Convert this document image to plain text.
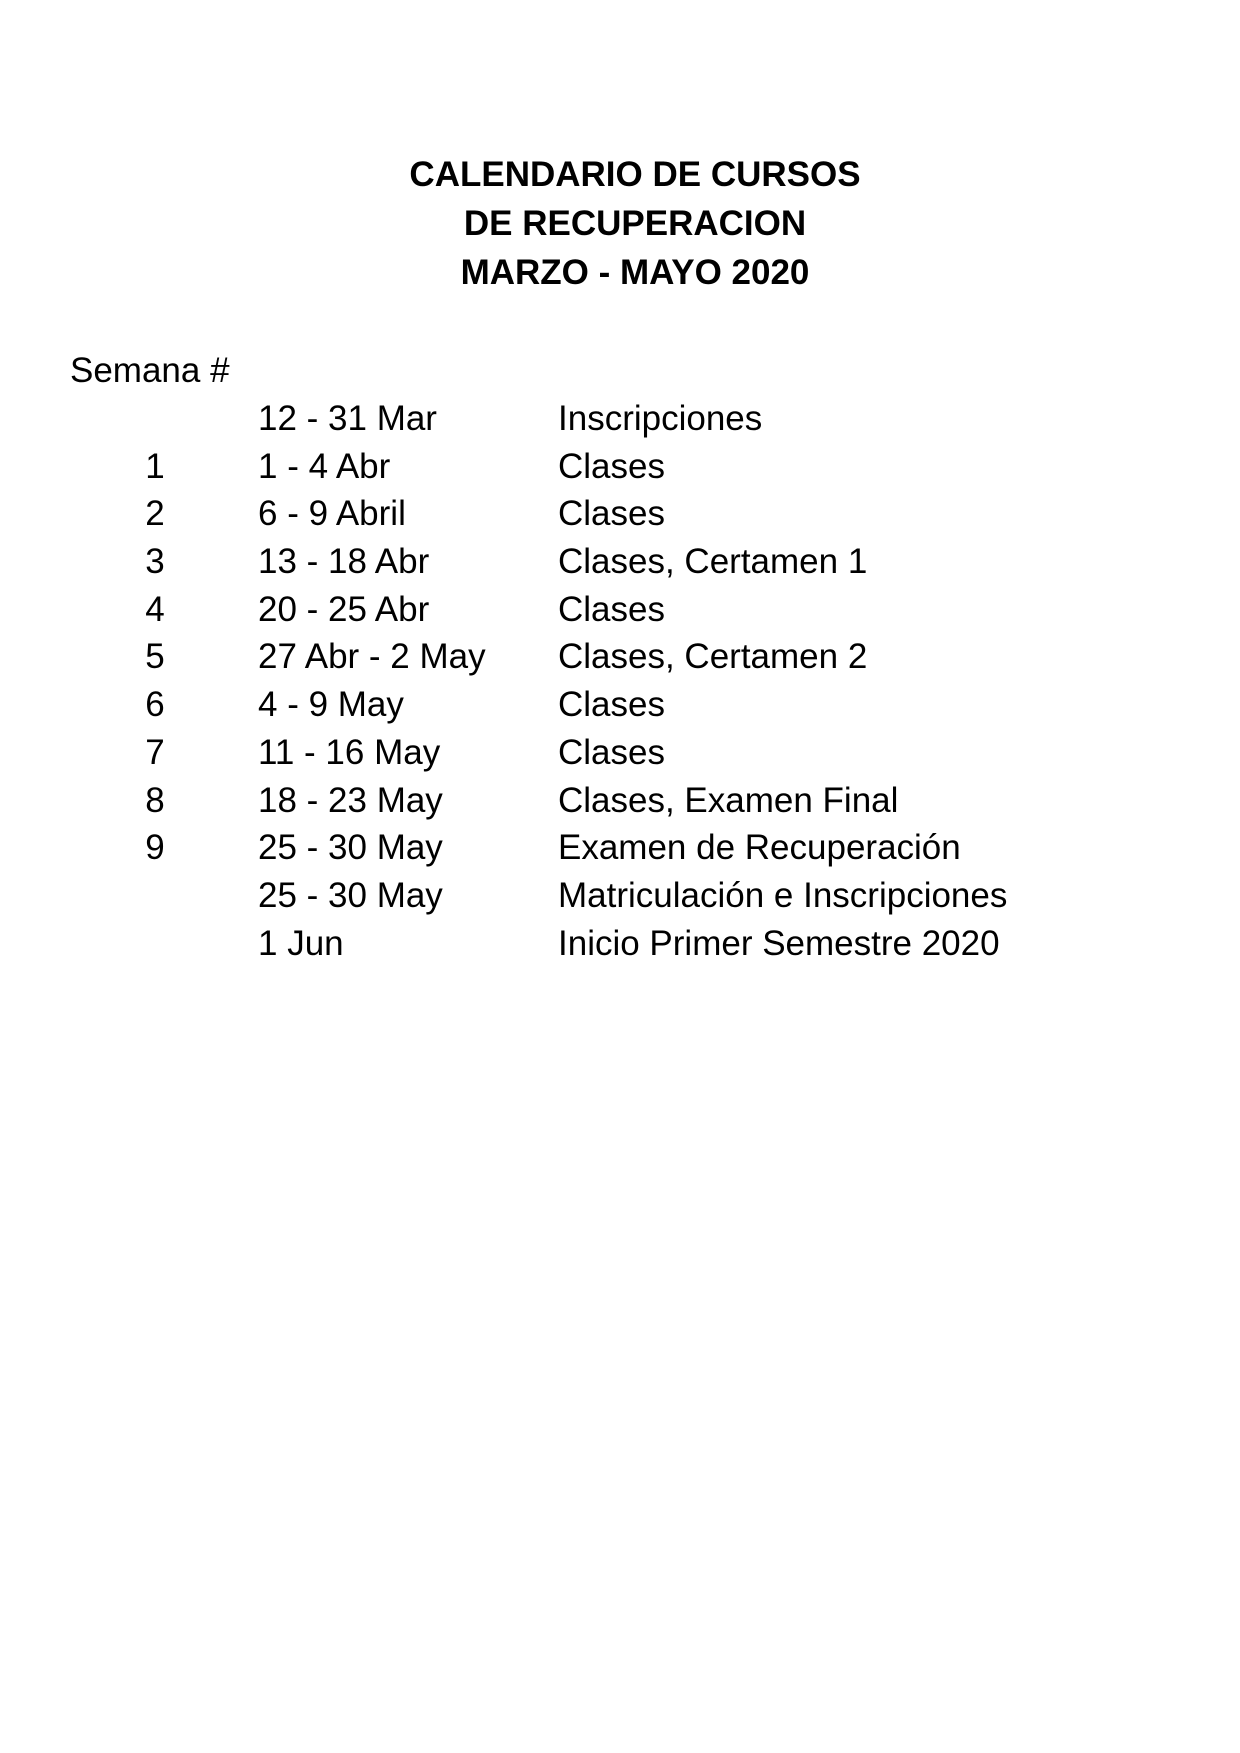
CALENDARIO DE CURSOS
DE RECUPERACION
MARZO - MAYO 2020
Semana #
12 - 31 Mar	Inscripciones
1	1 - 4 Abr	Clases
2	6 - 9 Abril	Clases
3	13 - 18 Abr	Clases, Certamen 1
4	20 - 25 Abr	Clases
5	27 Abr - 2 May Clases, Certamen 2
6	4 - 9 May	Clases
7	11 - 16 May	Clases
8	18 - 23 May	Clases, Examen Final
9	25 - 30 May	Examen de Recuperación
25 - 30 May	Matriculación e Inscripciones
1 Jun	Inicio Primer Semestre 2020
